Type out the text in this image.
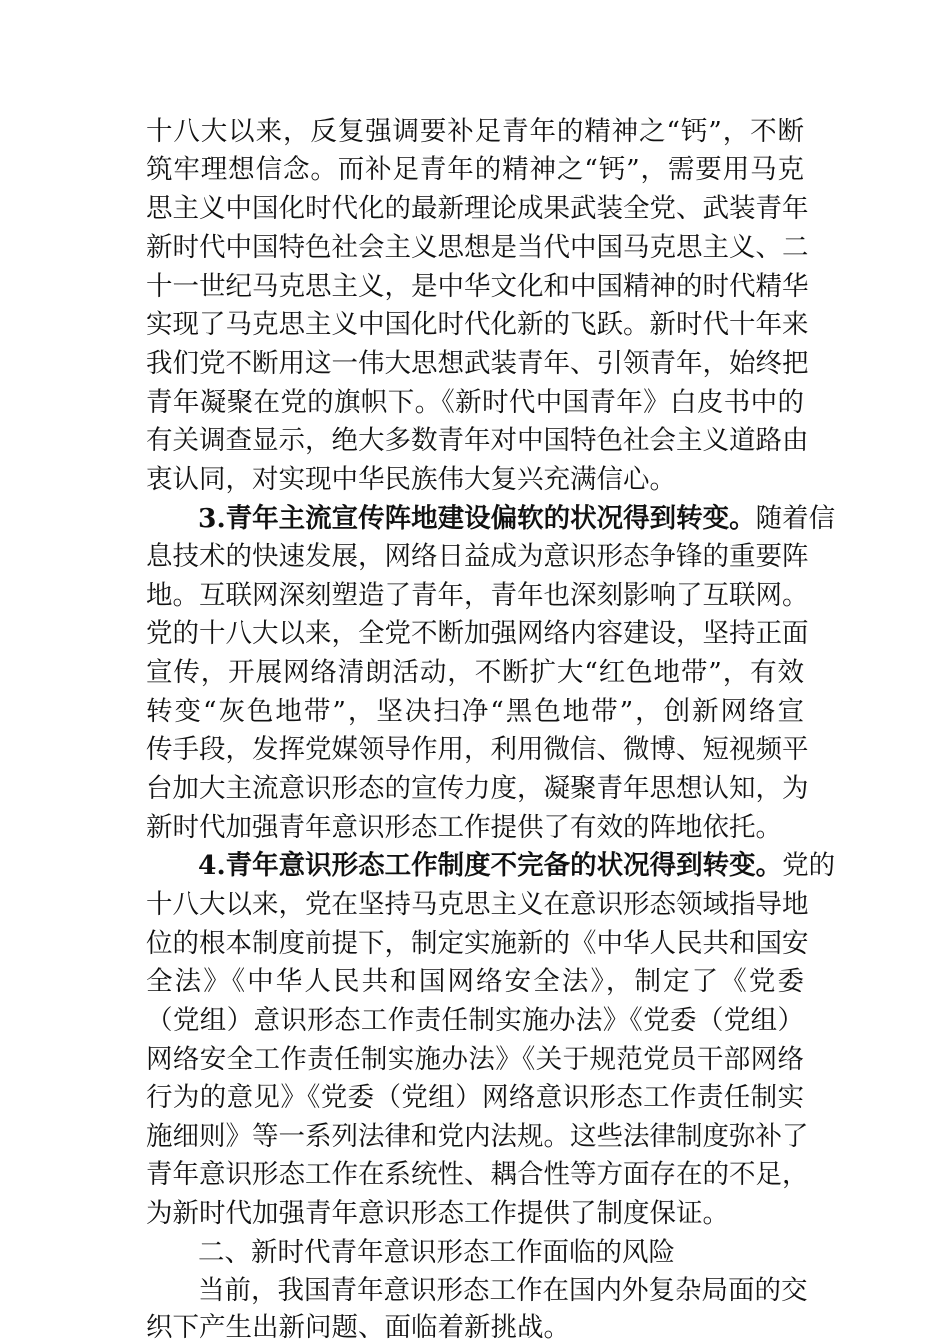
十八大以来，反复强调要补足青年的精神之“钙”，不断
筑牢理想信念。而补足青年的精神之“钙”，需要用马克
思主义中国化时代化的最新理论成果武装全党、武装青年
新时代中国特色社会主义思想是当代中国马克思主义、二
十一世纪马克思主义，是中华文化和中国精神的时代精华
实现了马克思主义中国化时代化新的飞跃。新时代十年来
我们党不断用这一伟大思想武装青年、引领青年，始终把
青年凝聚在党的旗帜下。《新时代中国青年》白皮书中的
有关调查显示，绝大多数青年对中国特色社会主义道路由
衷认同，对实现中华民族伟大复兴充满信心。
3.青年主流宣传阵地建设偏软的状况得到转变。随着信
息技术的快速发展，网络日益成为意识形态争锋的重要阵
地。互联网深刻塑造了青年，青年也深刻影响了互联网。
党的十八大以来，全党不断加强网络内容建设，坚持正面
宣传，开展网络清朗活动，不断扩大“红色地带”，有效
转变“灰色地带”，坚决扫净“黑色地带”，创新网络宣
传手段，发挥党媒领导作用，利用微信、微博、短视频平
台加大主流意识形态的宣传力度，凝聚青年思想认知，为
新时代加强青年意识形态工作提供了有效的阵地依托。
4.青年意识形态工作制度不完备的状况得到转变。党的
十八大以来，党在坚持马克思主义在意识形态领域指导地
位的根本制度前提下，制定实施新的《中华人民共和国安
全法》《中华人民共和国网络安全法》，制定了《党委
（党组）意识形态工作责任制实施办法》《党委（党组）
网络安全工作责任制实施办法》《关于规范党员干部网络
行为的意见》《党委（党组）网络意识形态工作责任制实
施细则》等一系列法律和党内法规。这些法律制度弥补了
青年意识形态工作在系统性、耦合性等方面存在的不足，
为新时代加强青年意识形态工作提供了制度保证。
二、新时代青年意识形态工作面临的风险
当前，我国青年意识形态工作在国内外复杂局面的交
织下产生出新问题、面临着新挑战。
